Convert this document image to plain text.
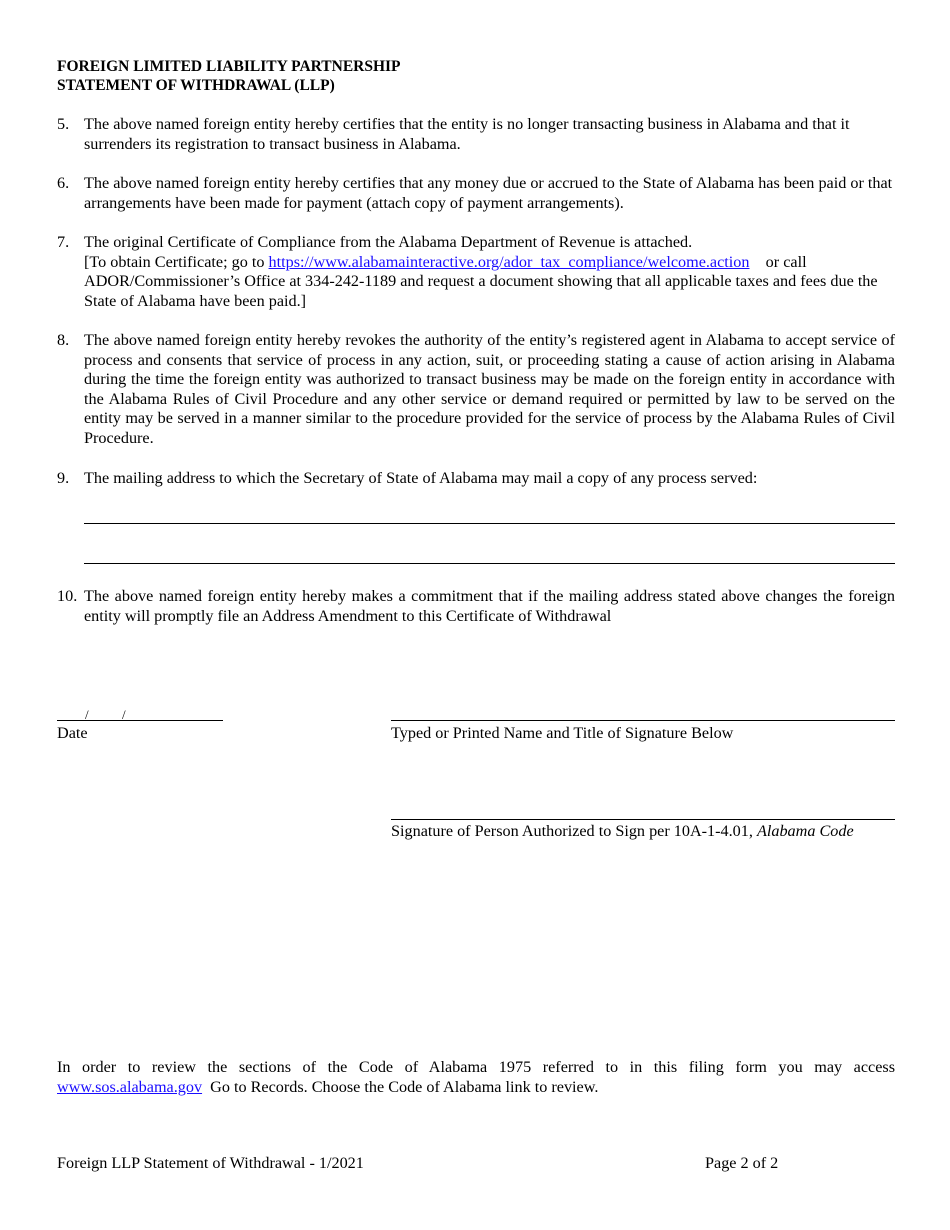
FOREIGN LIMITED LIABILITY PARTNERSHIP
STATEMENT OF WITHDRAWAL (LLP)
5. The above named foreign entity hereby certifies that the entity is no longer transacting business in Alabama and that it surrenders its registration to transact business in Alabama.
6. The above named foreign entity hereby certifies that any money due or accrued to the State of Alabama has been paid or that arrangements have been made for payment (attach copy of payment arrangements).
7. The original Certificate of Compliance from the Alabama Department of Revenue is attached.
[To obtain Certificate; go to https://www.alabamainteractive.org/ador_tax_compliance/welcome.action or call ADOR/Commissioner’s Office at 334-242-1189 and request a document showing that all applicable taxes and fees due the State of Alabama have been paid.]
8. The above named foreign entity hereby revokes the authority of the entity’s registered agent in Alabama to accept service of process and consents that service of process in any action, suit, or proceeding stating a cause of action arising in Alabama during the time the foreign entity was authorized to transact business may be made on the foreign entity in accordance with the Alabama Rules of Civil Procedure and any other service or demand required or permitted by law to be served on the entity may be served in a manner similar to the procedure provided for the service of process by the Alabama Rules of Civil Procedure.
9. The mailing address to which the Secretary of State of Alabama may mail a copy of any process served:
10. The above named foreign entity hereby makes a commitment that if the mailing address stated above changes the foreign entity will promptly file an Address Amendment to this Certificate of Withdrawal
/	/
Date	Typed or Printed Name and Title of Signature Below
Signature of Person Authorized to Sign per 10A-1-4.01, Alabama Code
In order to review the sections of the Code of Alabama 1975 referred to in this filing form you may access
www.sos.alabama.gov Go to Records. Choose the Code of Alabama link to review.
Foreign LLP Statement of Withdrawal - 1/2021	Page 2 of 2
